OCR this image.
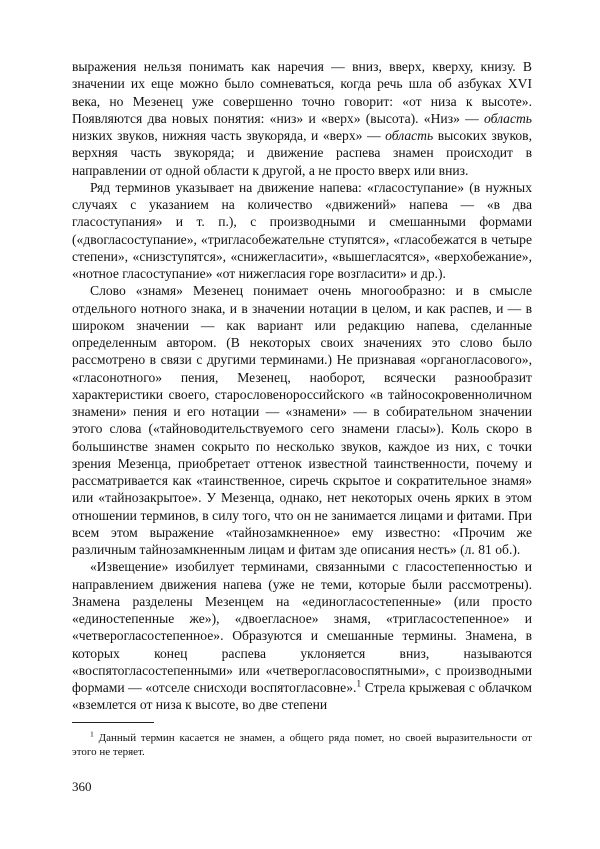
выражения нельзя понимать как наречия — вниз, вверх, кверху, книзу. В значении их еще можно было сомневаться, когда речь шла об азбуках XVI века, но Мезенец уже совершенно точно говорит: «от низа к высоте». Появляются два новых понятия: «низ» и «верх» (высота). «Низ» — область низких звуков, нижняя часть звукоряда, и «верх» — область высоких звуков, верхняя часть звукоряда; и движение распева знамен происходит в направлении от одной области к другой, а не просто вверх или вниз.

Ряд терминов указывает на движение напева: «гласоступание» (в нужных случаях с указанием на количество «движений» напева — «в два гласоступания» и т. п.), с производными и смешанными формами («двогласоступание», «тригласобежательне ступятся», «гласобежатся в четыре степени», «снизступятся», «снижегласити», «вышегласятся», «верхобежание», «нотное гласоступание» «от нижегласия горе возгласити» и др.).

Слово «знамя» Мезенец понимает очень многообразно: и в смысле отдельного нотного знака, и в значении нотации в целом, и как распев, и — в широком значении — как вариант или редакцию напева, сделанные определенным автором. (В некоторых своих значениях это слово было рассмотрено в связи с другими терминами.) Не признавая «органогласового», «гласонотного» пения, Мезенец, наоборот, всячески разнообразит характеристики своего, старословенороссийского «в тайносокровенноличном знамени» пения и его нотации — «знамени» — в собирательном значении этого слова («тайноводительствуемого сего знамени гласы»). Коль скоро в большинстве знамен сокрыто по несколько звуков, каждое из них, с точки зрения Мезенца, приобретает оттенок известной таинственности, почему и рассматривается как «таинственное, сиречь скрытое и сократительное знамя» или «тайнозакрытое». У Мезенца, однако, нет некоторых очень ярких в этом отношении терминов, в силу того, что он не занимается лицами и фитами. При всем этом выражение «тайнозамкненное» ему известно: «Прочим же различным тайнозамкненным лицам и фитам зде описания несть» (л. 81 об.).

«Извещение» изобилует терминами, связанными с гласостепенностью и направлением движения напева (уже не теми, которые были рассмотрены). Знамена разделены Мезенцем на «единогласостепенные» (или просто «единостепенные же»), «двоегласное» знамя, «тригласостепенное» и «четверогласостепенное». Образуются и смешанные термины. Знамена, в которых конец распева уклоняется вниз, называются «воспятогласостепенными» или «четверогласовоспятными», с производными формами — «отселе снисходи воспятогласовне».$^1$ Стрела крыжевая с облачком «вземлется от низа к высоте, во две степени

$^1$ Данный термин касается не знамен, а общего ряда помет, но своей выразительности от этого не теряет.

360
